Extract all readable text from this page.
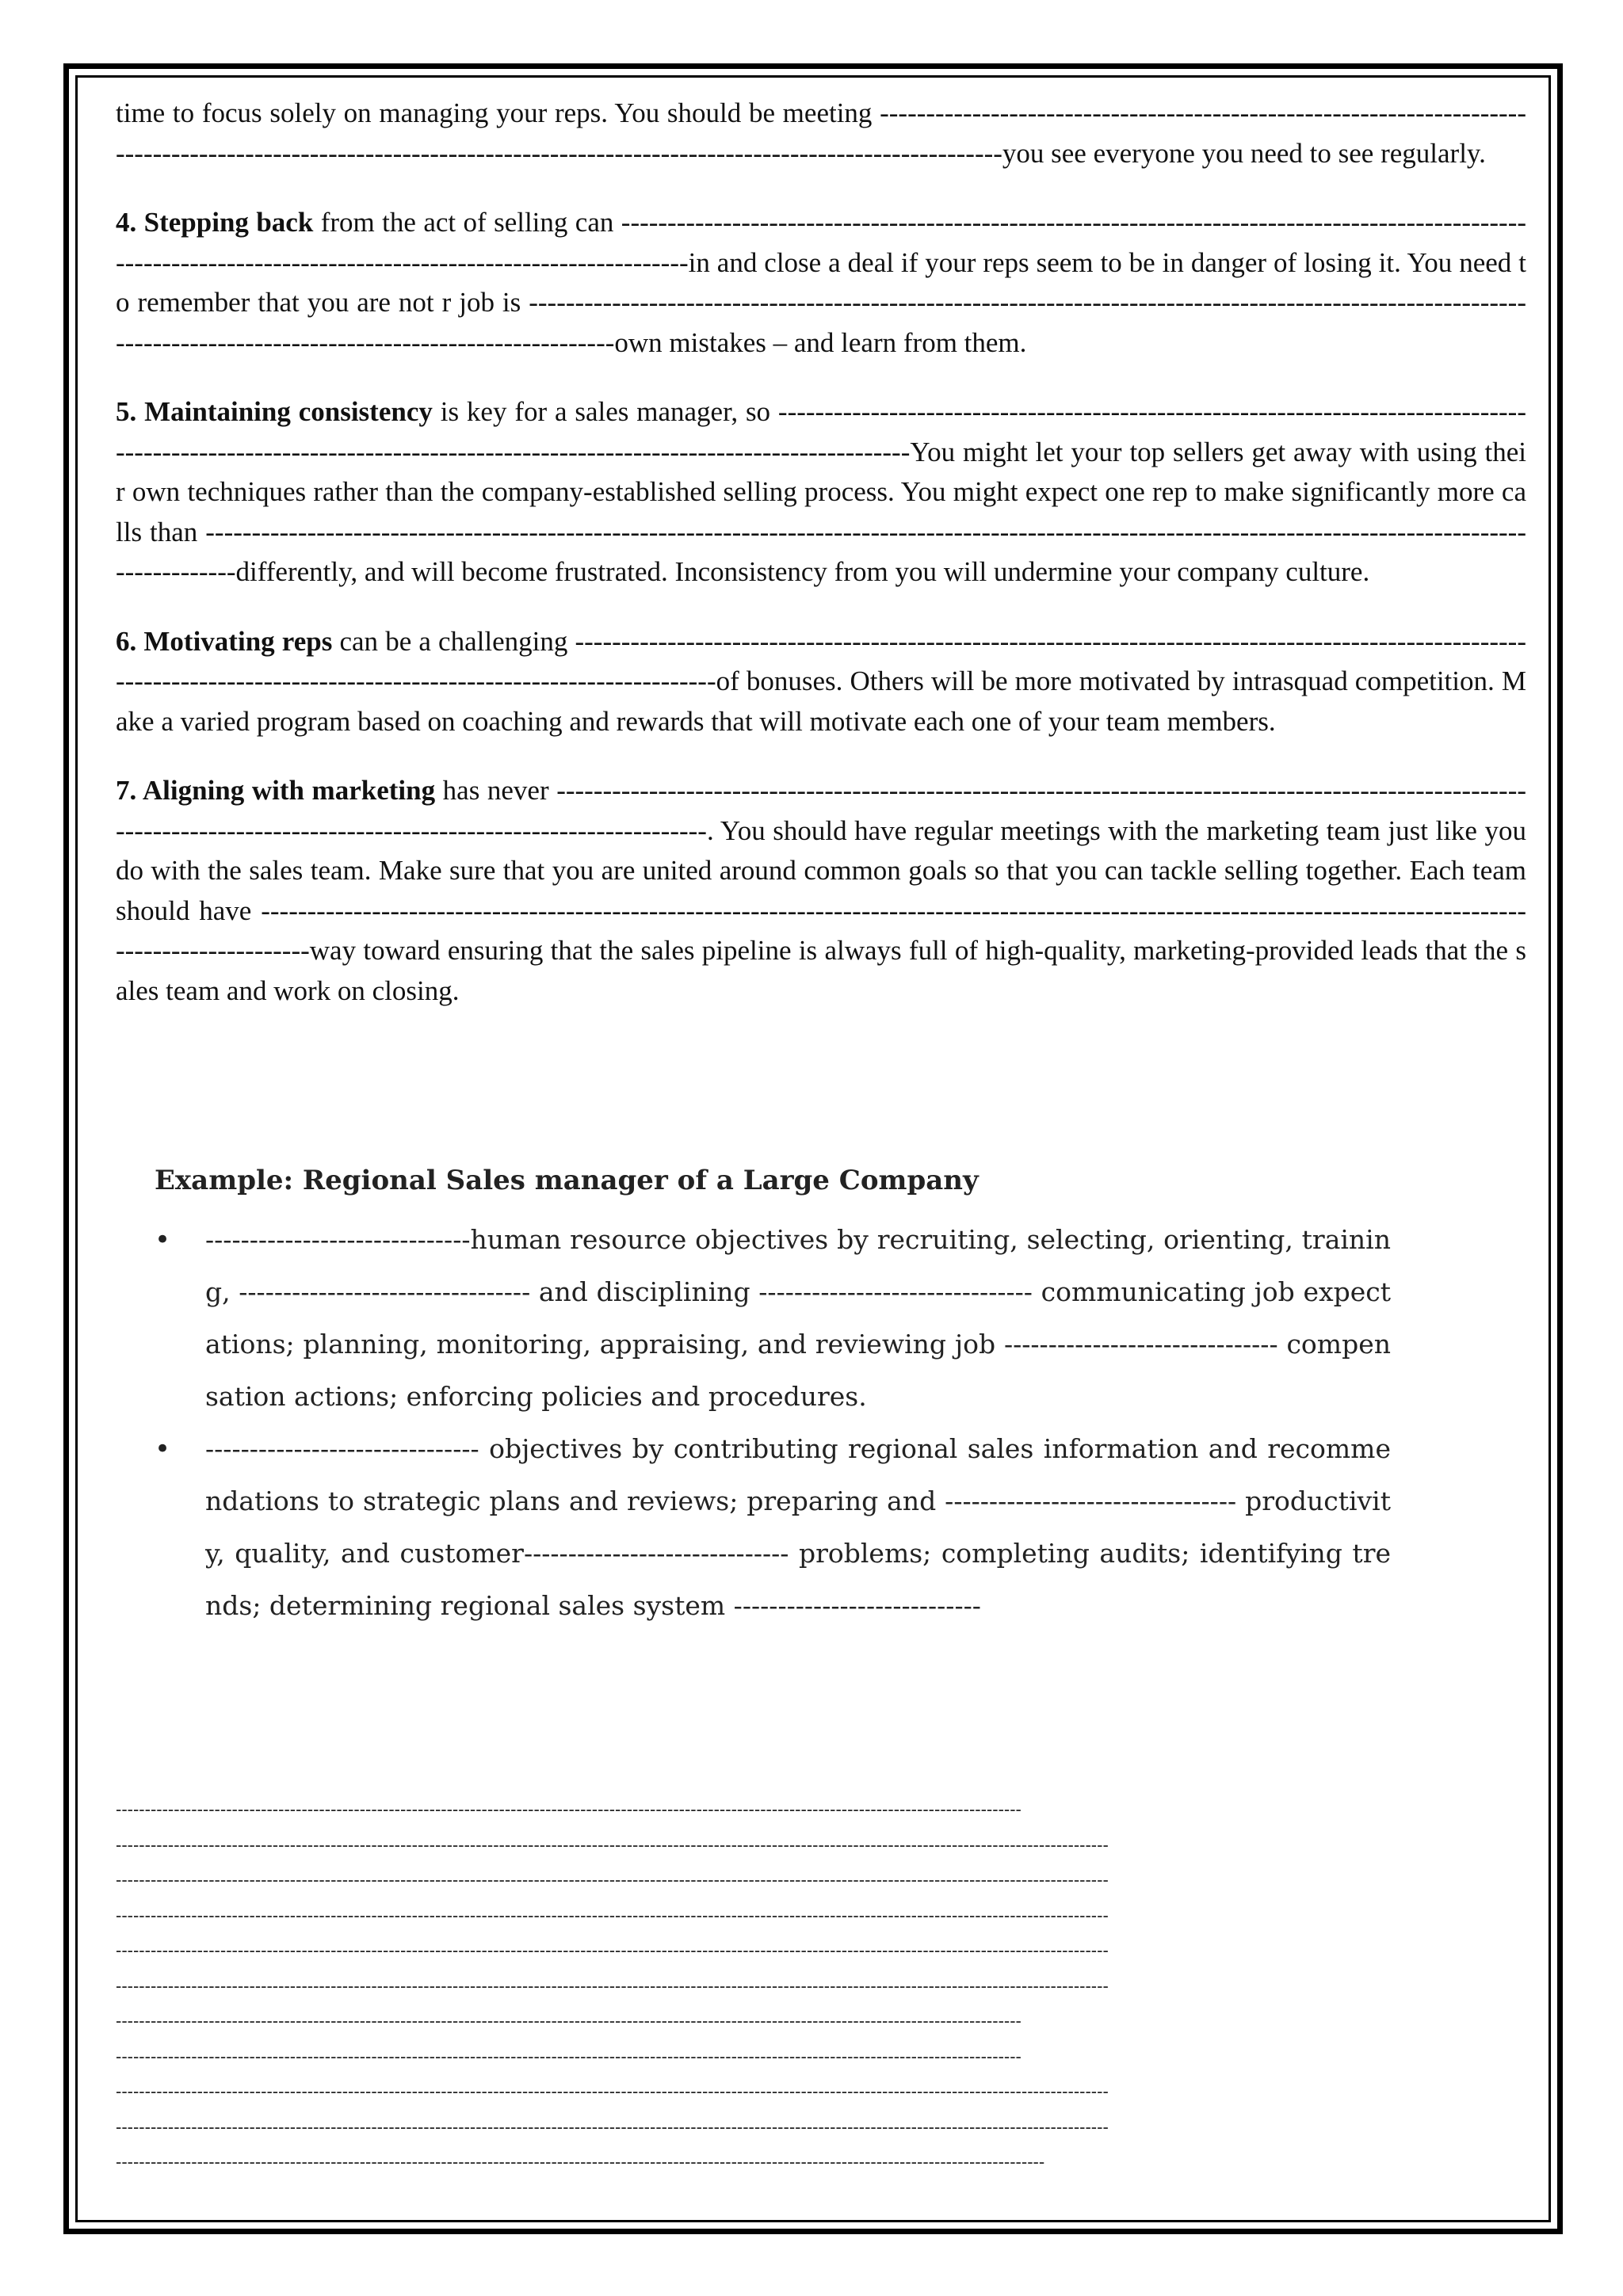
time to focus solely on managing your reps. You should be meeting ----------------------------------------------------------------------------------------------------------------------------------------------------------------------you see everyone you need to see regularly.

4. Stepping back from the act of selling can ----------------------------------------------------------------------------------------------------------------------------------------------------------------in and close a deal if your reps seem to be in danger of losing it. You need to remember that you are not r job is ------------------------------------------------------------------------------------------------------------------------------------------------------------------own mistakes – and learn from them.

5. Maintaining consistency is key for a sales manager, so -----------------------------------------------------------------------------------------------------------------------------------------------------------------------You might let your top sellers get away with using their own techniques rather than the company-established selling process. You might expect one rep to make significantly more calls than ------------------------------------------------------------------------------------------------------------------------------------------------------------differently, and will become frustrated. Inconsistency from you will undermine your company culture.

6. Motivating reps can be a challenging ------------------------------------------------------------------------------------------------------------------------------------------------------------------------of bonuses. Others will be more motivated by intrasquad competition. Make a varied program based on coaching and rewards that will motivate each one of your team members.

7. Aligning with marketing has never -------------------------------------------------------------------------------------------------------------------------------------------------------------------------. You should have regular meetings with the marketing team just like you do with the sales team. Make sure that you are united around common goals so that you can tackle selling together. Each team should have --------------------------------------------------------------------------------------------------------------------------------------------------------------way toward ensuring that the sales pipeline is always full of high-quality, marketing-provided leads that the sales team and work on closing.

Example: Regional Sales manager of a Large Company

• ------------------------------human resource objectives by recruiting, selecting, orienting, training, --------------------------------- and disciplining ------------------------------- communicating job expectations; planning, monitoring, appraising, and reviewing job ------------------------------- compensation actions; enforcing policies and procedures.

• ------------------------------- objectives by contributing regional sales information and recommendations to strategic plans and reviews; preparing and --------------------------------- productivity, quality, and customer------------------------------ problems; completing audits; identifying trends; determining regional sales system ----------------------------

------------------------------------------------------------------------------------------------------------------------------------------------------------
---------------------------------------------------------------------------------------------------------------------------------------------------------------------------
---------------------------------------------------------------------------------------------------------------------------------------------------------------------------
---------------------------------------------------------------------------------------------------------------------------------------------------------------------------
---------------------------------------------------------------------------------------------------------------------------------------------------------------------------
---------------------------------------------------------------------------------------------------------------------------------------------------------------------------
------------------------------------------------------------------------------------------------------------------------------------------------------------
------------------------------------------------------------------------------------------------------------------------------------------------------------
---------------------------------------------------------------------------------------------------------------------------------------------------------------------------
---------------------------------------------------------------------------------------------------------------------------------------------------------------------------
----------------------------------------------------------------------------------------------------------------------------------------------------------------
